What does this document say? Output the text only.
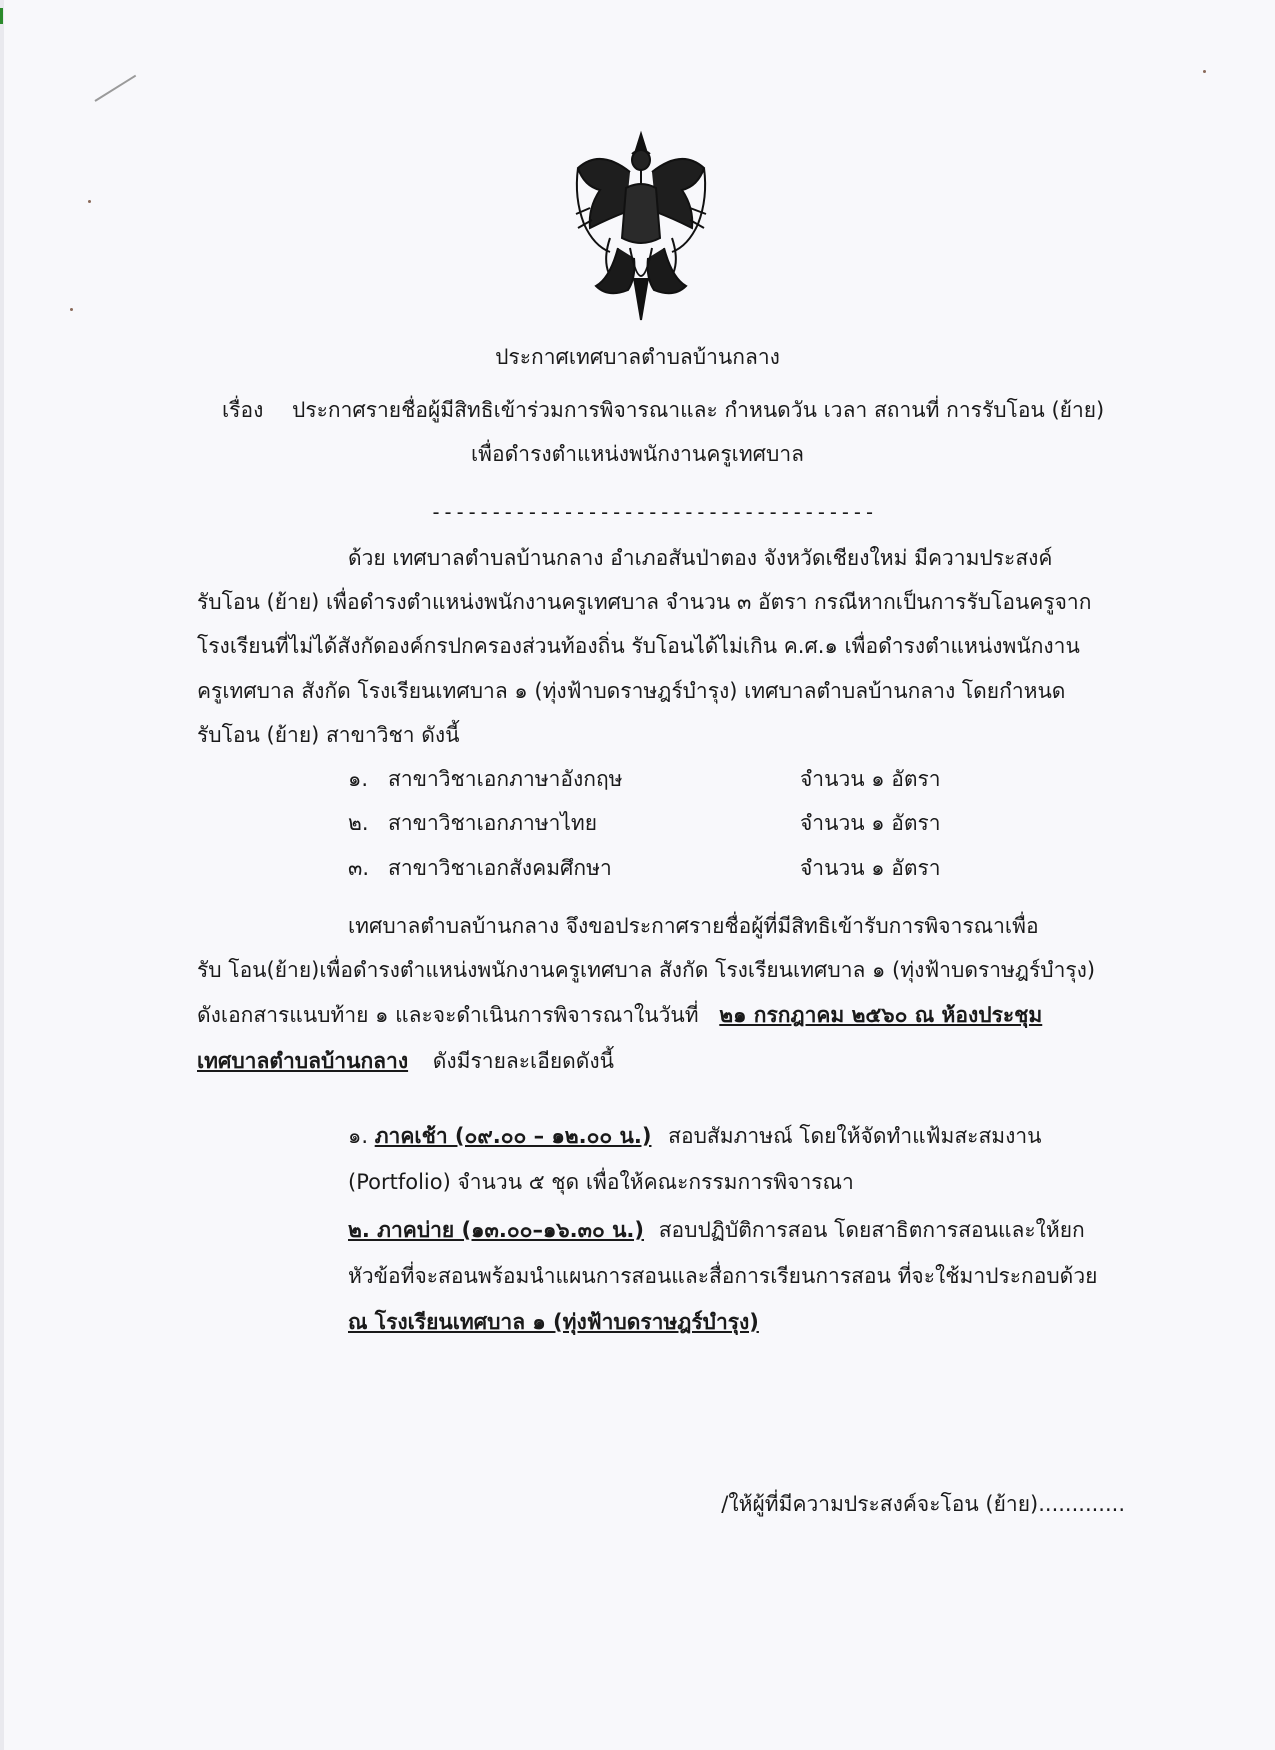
ประกาศเทศบาลตำบลบ้านกลาง
เรื่อง ประกาศรายชื่อผู้มีสิทธิเข้าร่วมการพิจารณาและ กำหนดวัน เวลา สถานที่ การรับโอน (ย้าย)
เพื่อดำรงตำแหน่งพนักงานครูเทศบาล
-------------------------------------
ด้วย เทศบาลตำบลบ้านกลาง อำเภอสันป่าตอง จังหวัดเชียงใหม่ มีความประสงค์
รับโอน (ย้าย) เพื่อดำรงตำแหน่งพนักงานครูเทศบาล จำนวน ๓ อัตรา กรณีหากเป็นการรับโอนครูจาก
โรงเรียนที่ไม่ได้สังกัดองค์กรปกครองส่วนท้องถิ่น รับโอนได้ไม่เกิน ค.ศ.๑ เพื่อดำรงตำแหน่งพนักงาน
ครูเทศบาล สังกัด โรงเรียนเทศบาล ๑ (ทุ่งฟ้าบดราษฎร์บำรุง) เทศบาลตำบลบ้านกลาง โดยกำหนด
รับโอน (ย้าย) สาขาวิชา ดังนี้
๑. สาขาวิชาเอกภาษาอังกฤษ	จำนวน ๑ อัตรา
๒. สาขาวิชาเอกภาษาไทย	จำนวน ๑ อัตรา
๓. สาขาวิชาเอกสังคมศึกษา	จำนวน ๑ อัตรา
เทศบาลตำบลบ้านกลาง จึงขอประกาศรายชื่อผู้ที่มีสิทธิเข้ารับการพิจารณาเพื่อ
รับ โอน(ย้าย)เพื่อดำรงตำแหน่งพนักงานครูเทศบาล สังกัด โรงเรียนเทศบาล ๑ (ทุ่งฟ้าบดราษฎร์บำรุง)
ดังเอกสารแนบท้าย ๑ และจะดำเนินการพิจารณาในวันที่ ๒๑ กรกฎาคม ๒๕๖๐ ณ ห้องประชุม
เทศบาลตำบลบ้านกลาง ดังมีรายละเอียดดังนี้
๑. ภาคเช้า (๐๙.๐๐ – ๑๒.๐๐ น.) สอบสัมภาษณ์ โดยให้จัดทำแฟ้มสะสมงาน
(Portfolio) จำนวน ๕ ชุด เพื่อให้คณะกรรมการพิจารณา
๒. ภาคบ่าย (๑๓.๐๐–๑๖.๓๐ น.) สอบปฏิบัติการสอน โดยสาธิตการสอนและให้ยก
หัวข้อที่จะสอนพร้อมนำแผนการสอนและสื่อการเรียนการสอน ที่จะใช้มาประกอบด้วย
ณ โรงเรียนเทศบาล ๑ (ทุ่งฟ้าบดราษฎร์บำรุง)
/ให้ผู้ที่มีความประสงค์จะโอน (ย้าย).............
